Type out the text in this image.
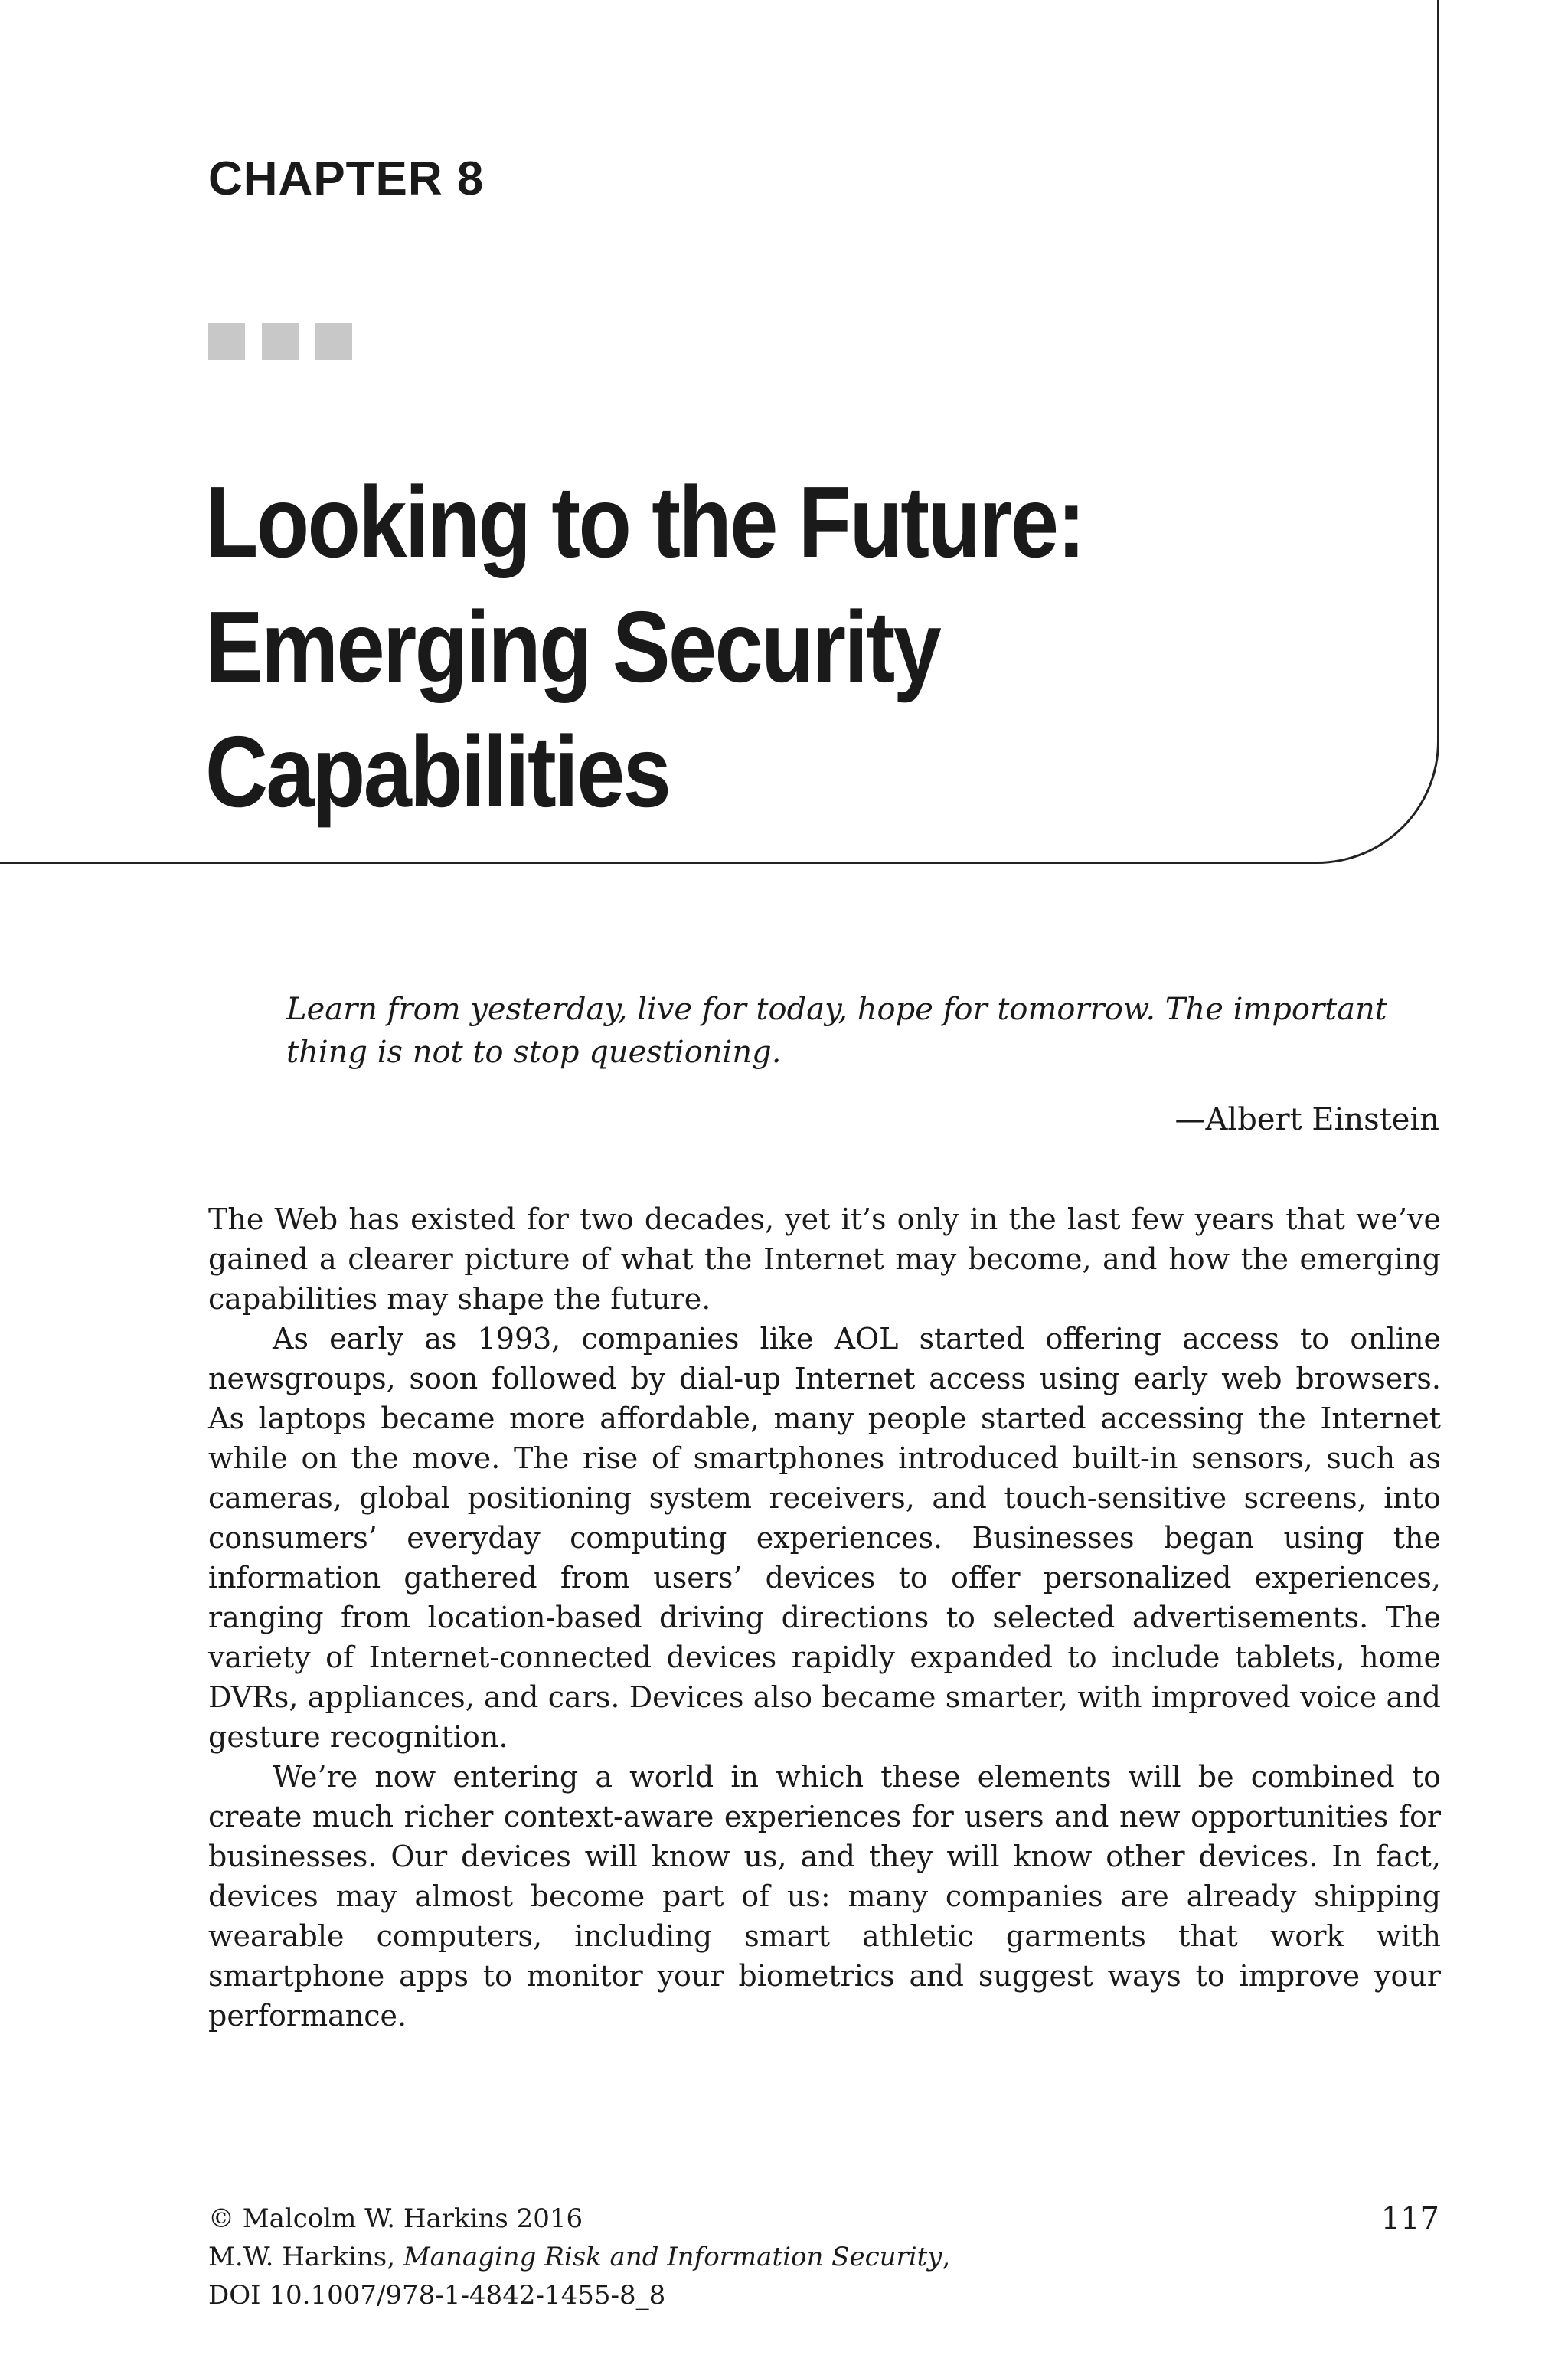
CHAPTER 8
Looking to the Future:
Emerging Security
Capabilities
Learn from yesterday, live for today, hope for tomorrow. The important thing is not to stop questioning.
—Albert Einstein

The Web has existed for two decades, yet it’s only in the last few years that we’ve gained a clearer picture of what the Internet may become, and how the emerging capabilities may shape the future.

As early as 1993, companies like AOL started offering access to online newsgroups, soon followed by dial-up Internet access using early web browsers. As laptops became more affordable, many people started accessing the Internet while on the move. The rise of smartphones introduced built-in sensors, such as cameras, global positioning system receivers, and touch-sensitive screens, into consumers’ everyday computing experiences. Businesses began using the information gathered from users’ devices to offer personalized experiences, ranging from location-based driving directions to selected advertisements. The variety of Internet-connected devices rapidly expanded to include tablets, home DVRs, appliances, and cars. Devices also became smarter, with improved voice and gesture recognition.

We’re now entering a world in which these elements will be combined to create much richer context-aware experiences for users and new opportunities for businesses. Our devices will know us, and they will know other devices. In fact, devices may almost become part of us: many companies are already shipping wearable computers, including smart athletic garments that work with smartphone apps to monitor your biometrics and suggest ways to improve your performance.

© Malcolm W. Harkins 2016
M.W. Harkins, Managing Risk and Information Security,
DOI 10.1007/978-1-4842-1455-8_8
117
